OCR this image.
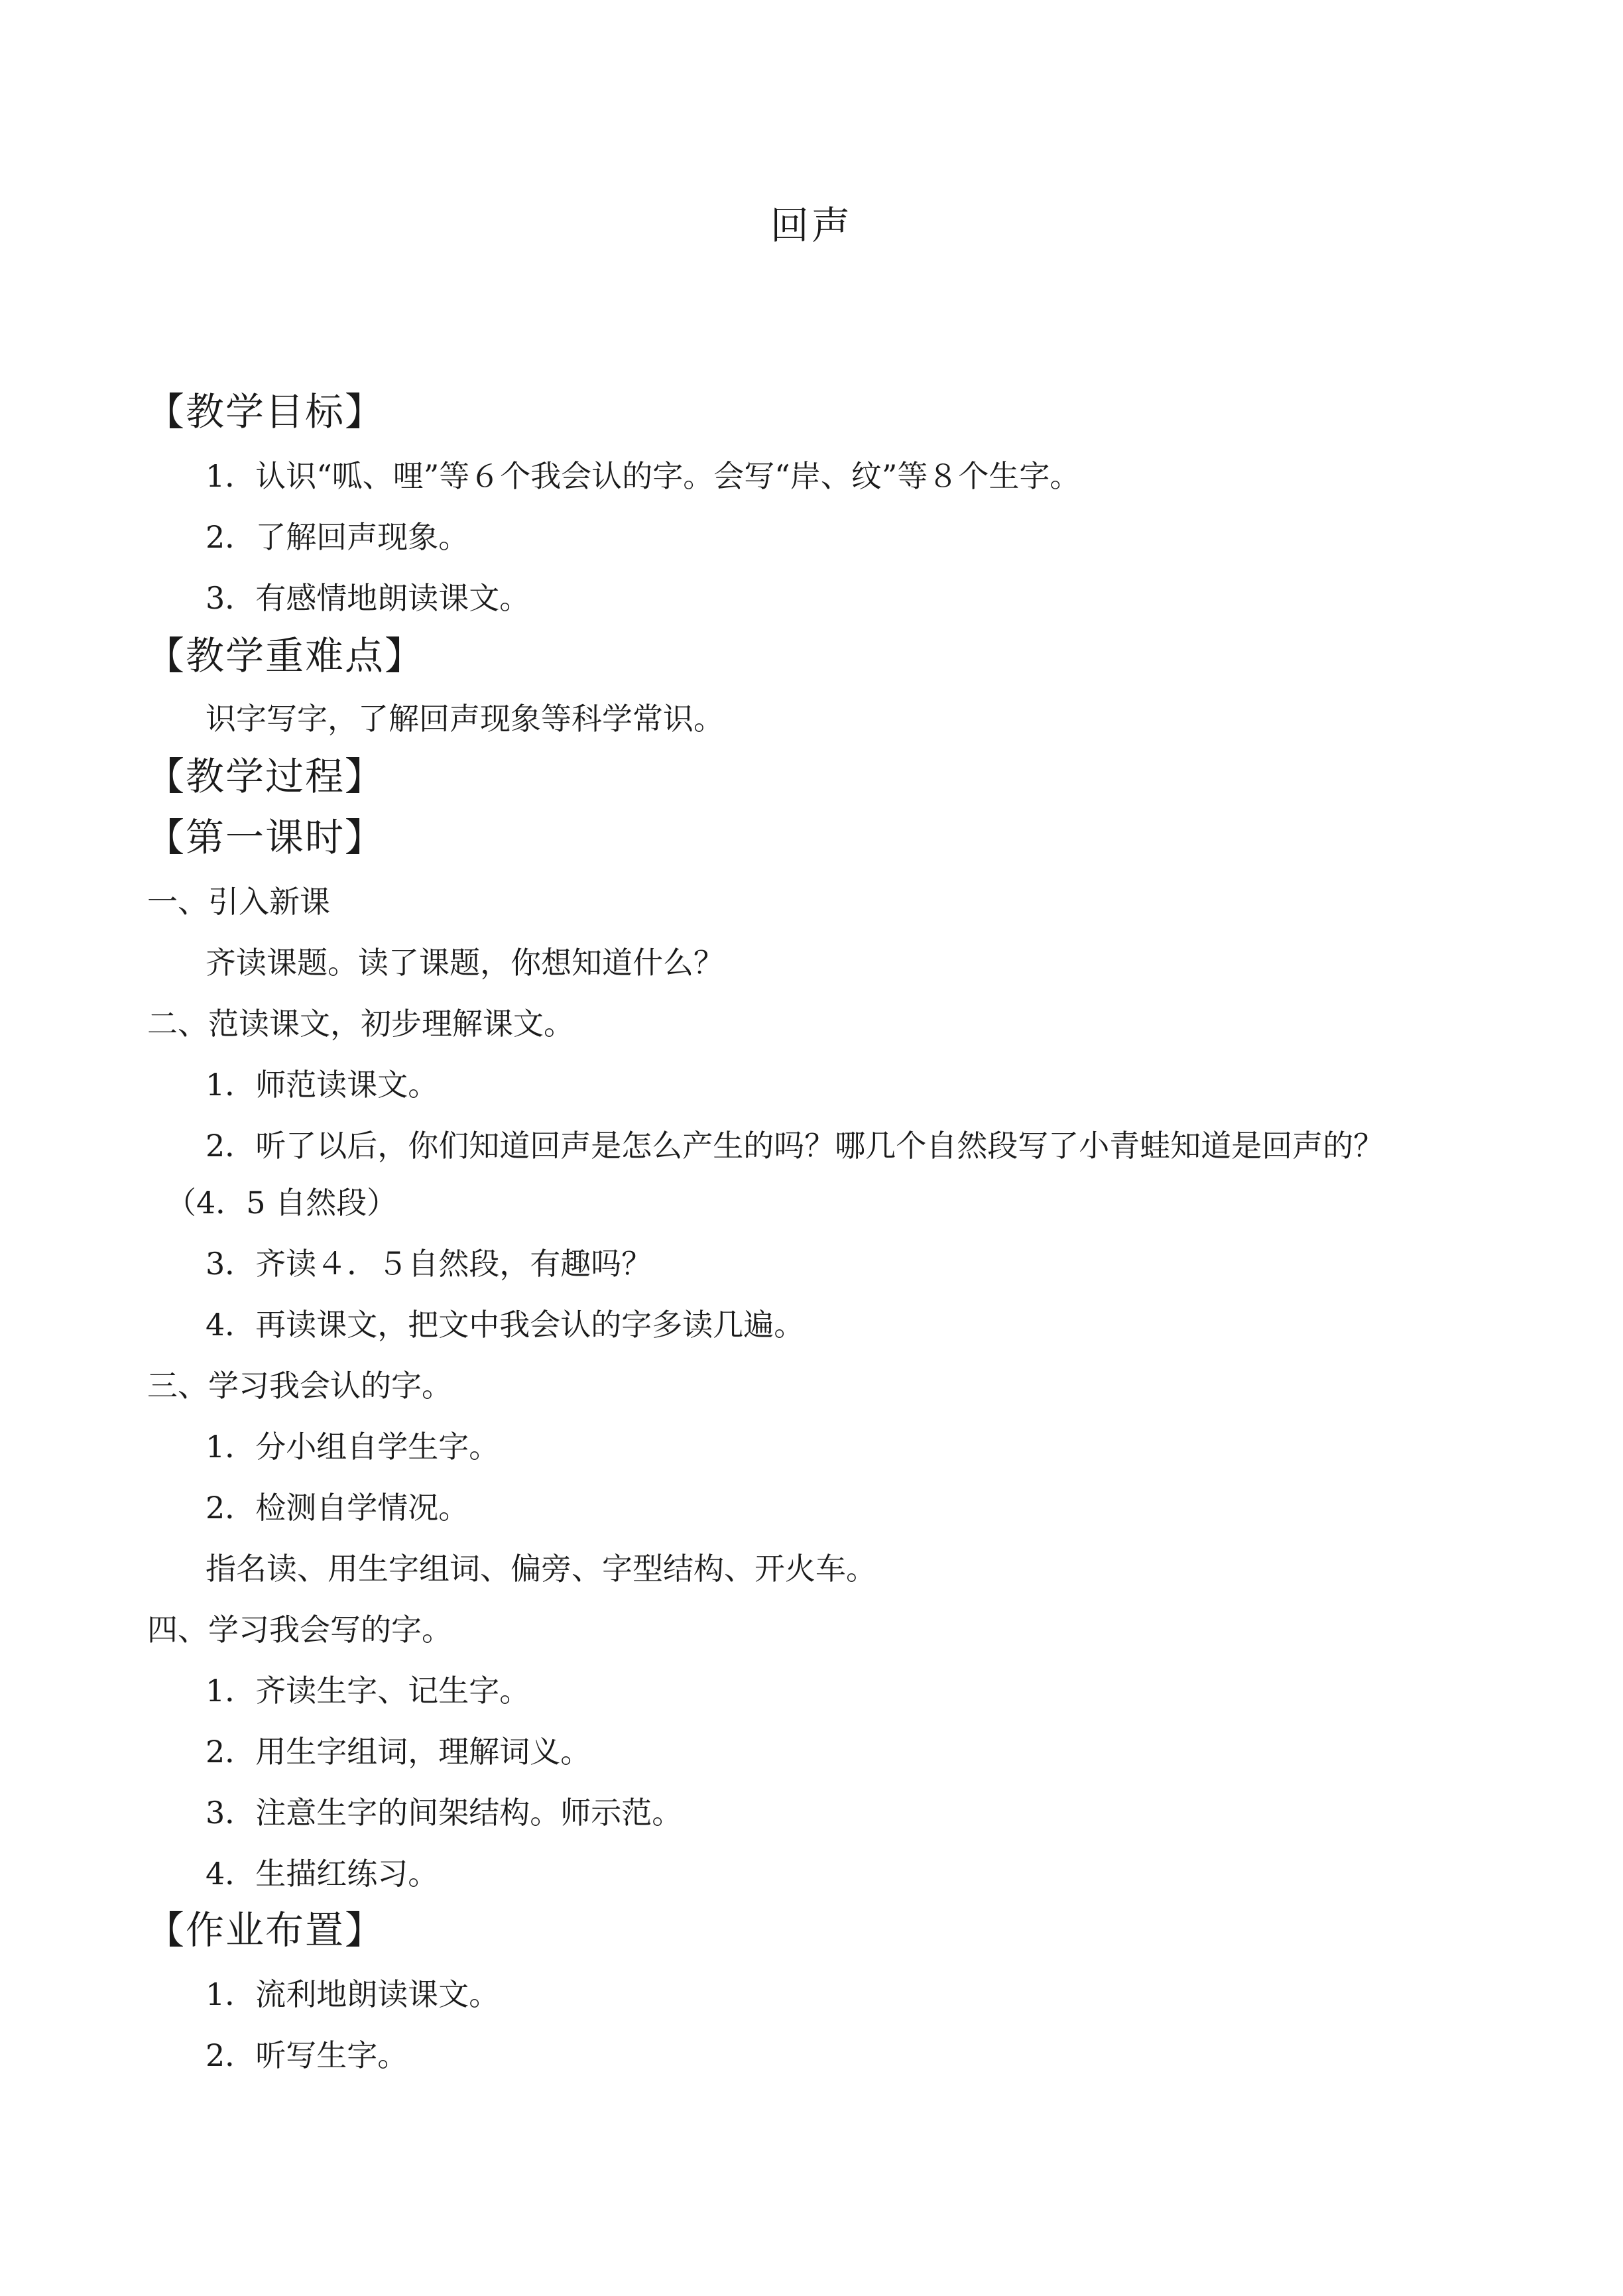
回声
【教学目标】
1．认识“呱、哩”等６个我会认的字。会写“岸、纹”等８个生字。
2．了解回声现象。
3．有感情地朗读课文。
【教学重难点】
识字写字，了解回声现象等科学常识。
【教学过程】
【第一课时】
一、引入新课
齐读课题。读了课题，你想知道什么？
二、范读课文，初步理解课文。
1．师范读课文。
2．听了以后，你们知道回声是怎么产生的吗？哪几个自然段写了小青蛙知道是回声的？
（4．5 自然段）
3．齐读４．５自然段，有趣吗？
4．再读课文，把文中我会认的字多读几遍。
三、学习我会认的字。
1．分小组自学生字。
2．检测自学情况。
指名读、用生字组词、偏旁、字型结构、开火车。
四、学习我会写的字。
1．齐读生字、记生字。
2．用生字组词，理解词义。
3．注意生字的间架结构。师示范。
4．生描红练习。
【作业布置】
1．流利地朗读课文。
2．听写生字。
